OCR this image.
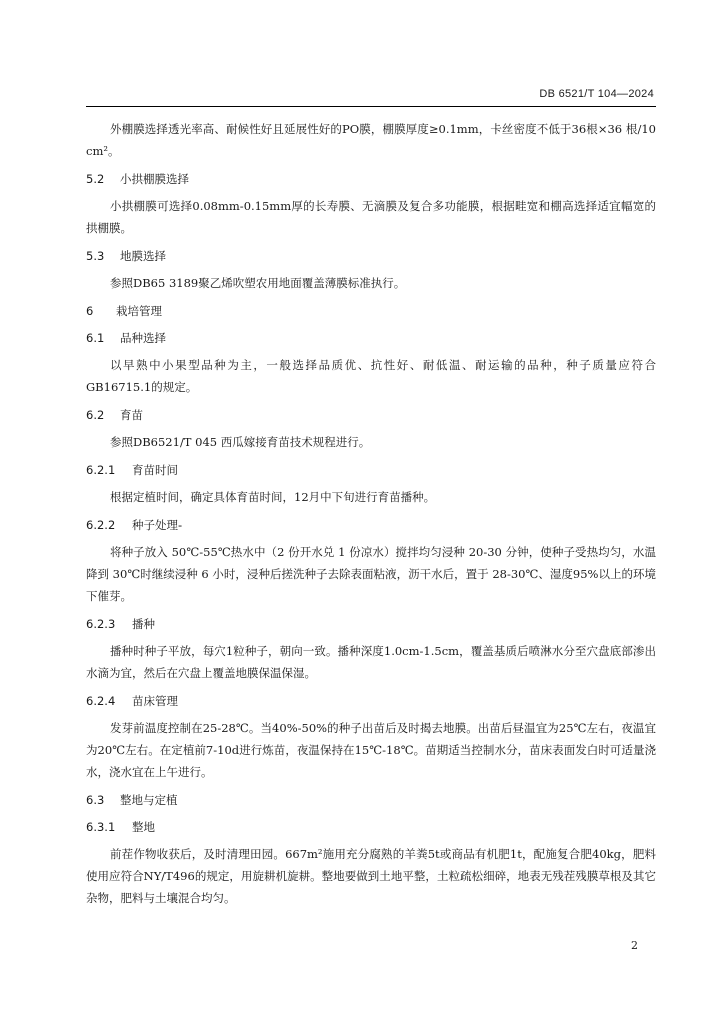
DB 6521/T 104—2024

外棚膜选择透光率高、耐候性好且延展性好的PO膜，棚膜厚度≥0.1mm，卡丝密度不低于36根×36 根/10 cm²。

5.2 小拱棚膜选择

小拱棚膜可选择0.08mm-0.15mm厚的长寿膜、无滴膜及复合多功能膜，根据畦宽和棚高选择适宜幅宽的拱棚膜。

5.3 地膜选择

参照DB65 3189聚乙烯吹塑农用地面覆盖薄膜标准执行。

6 栽培管理
6.1 品种选择

以早熟中小果型品种为主，一般选择品质优、抗性好、耐低温、耐运输的品种，种子质量应符合GB16715.1的规定。

6.2 育苗

参照DB6521/T 045 西瓜嫁接育苗技术规程进行。

6.2.1 育苗时间

根据定植时间，确定具体育苗时间，12月中下旬进行育苗播种。

6.2.2 种子处理-

将种子放入 50℃-55℃热水中（2 份开水兑 1 份凉水）搅拌均匀浸种 20-30 分钟，使种子受热均匀，水温降到 30℃时继续浸种 6 小时，浸种后搓洗种子去除表面粘液，沥干水后，置于 28-30℃、湿度95%以上的环境下催芽。

6.2.3 播种

播种时种子平放，每穴1粒种子，朝向一致。播种深度1.0cm-1.5cm，覆盖基质后喷淋水分至穴盘底部渗出水滴为宜，然后在穴盘上覆盖地膜保温保湿。

6.2.4 苗床管理

发芽前温度控制在25-28℃。当40%-50%的种子出苗后及时揭去地膜。出苗后昼温宜为25℃左右，夜温宜为20℃左右。在定植前7-10d进行炼苗，夜温保持在15℃-18℃。苗期适当控制水分，苗床表面发白时可适量浇水，浇水宜在上午进行。

6.3 整地与定植
6.3.1 整地

前茬作物收获后，及时清理田园。667m²施用充分腐熟的羊粪5t或商品有机肥1t，配施复合肥40kg，肥料使用应符合NY/T496的规定，用旋耕机旋耕。整地要做到土地平整，土粒疏松细碎，地表无残茬残膜草根及其它杂物，肥料与土壤混合均匀。

2
